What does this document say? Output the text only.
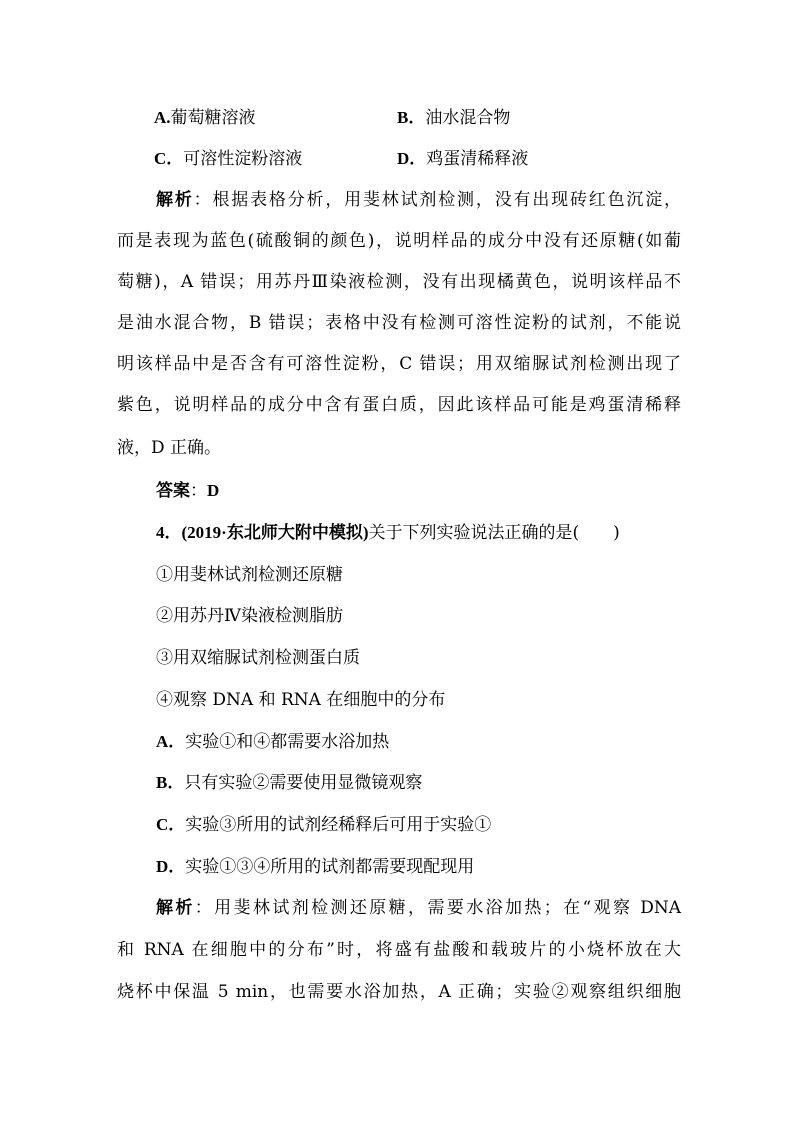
A.葡萄糖溶液	B．油水混合物
C．可溶性淀粉溶液	D．鸡蛋清稀释液
解析：根据表格分析，用斐林试剂检测，没有出现砖红色沉淀，
而是表现为蓝色(硫酸铜的颜色)，说明样品的成分中没有还原糖(如葡
萄糖)，A 错误；用苏丹Ⅲ染液检测，没有出现橘黄色，说明该样品不
是油水混合物，B 错误；表格中没有检测可溶性淀粉的试剂，不能说
明该样品中是否含有可溶性淀粉，C 错误；用双缩脲试剂检测出现了
紫色，说明样品的成分中含有蛋白质，因此该样品可能是鸡蛋清稀释
液，D 正确。
答案：D
4．(2019·东北师大附中模拟)关于下列实验说法正确的是(　　)
①用斐林试剂检测还原糖
②用苏丹Ⅳ染液检测脂肪
③用双缩脲试剂检测蛋白质
④观察 DNA 和 RNA 在细胞中的分布
A．实验①和④都需要水浴加热
B．只有实验②需要使用显微镜观察
C．实验③所用的试剂经稀释后可用于实验①
D．实验①③④所用的试剂都需要现配现用
解析：用斐林试剂检测还原糖，需要水浴加热；在“观察 DNA
和 RNA 在细胞中的分布”时，将盛有盐酸和载玻片的小烧杯放在大
烧杯中保温 5 min，也需要水浴加热，A 正确；实验②观察组织细胞
